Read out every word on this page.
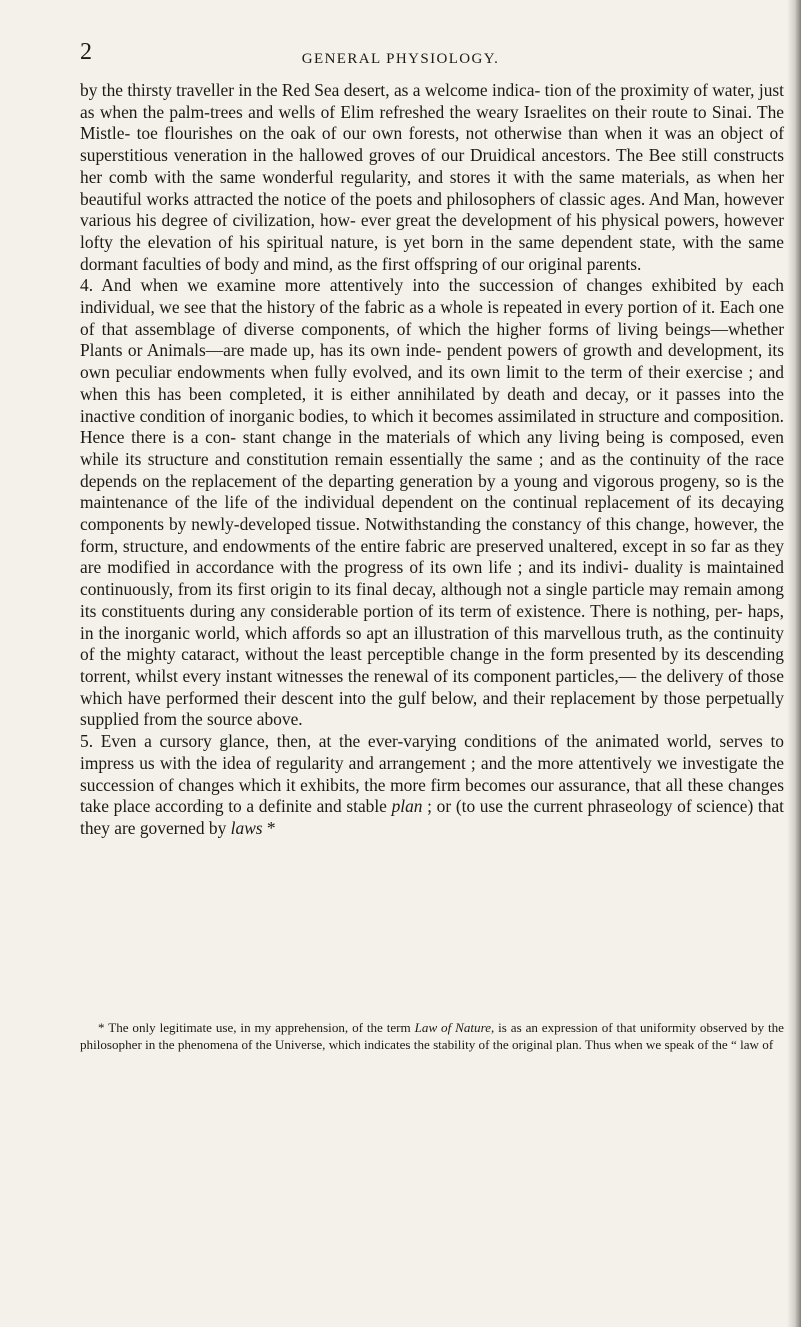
2	GENERAL PHYSIOLOGY.

by the thirsty traveller in the Red Sea desert, as a welcome indica- tion of the proximity of water, just as when the palm-trees and wells of Elim refreshed the weary Israelites on their route to Sinai. The Mistle- toe flourishes on the oak of our own forests, not otherwise than when it was an object of superstitious veneration in the hallowed groves of our Druidical ancestors. The Bee still constructs her comb with the same wonderful regularity, and stores it with the same materials, as when her beautiful works attracted the notice of the poets and philosophers of classic ages. And Man, however various his degree of civilization, how- ever great the development of his physical powers, however lofty the elevation of his spiritual nature, is yet born in the same dependent state, with the same dormant faculties of body and mind, as the first offspring of our original parents.

4. And when we examine more attentively into the succession of changes exhibited by each individual, we see that the history of the fabric as a whole is repeated in every portion of it. Each one of that assemblage of diverse components, of which the higher forms of living beings—whether Plants or Animals—are made up, has its own inde- pendent powers of growth and development, its own peculiar endowments when fully evolved, and its own limit to the term of their exercise ; and when this has been completed, it is either annihilated by death and decay, or it passes into the inactive condition of inorganic bodies, to which it becomes assimilated in structure and composition. Hence there is a con- stant change in the materials of which any living being is composed, even while its structure and constitution remain essentially the same ; and as the continuity of the race depends on the replacement of the departing generation by a young and vigorous progeny, so is the maintenance of the life of the individual dependent on the continual replacement of its decaying components by newly-developed tissue. Notwithstanding the constancy of this change, however, the form, structure, and endowments of the entire fabric are preserved unaltered, except in so far as they are modified in accordance with the progress of its own life ; and its indivi- duality is maintained continuously, from its first origin to its final decay, although not a single particle may remain among its constituents during any considerable portion of its term of existence. There is nothing, per- haps, in the inorganic world, which affords so apt an illustration of this marvellous truth, as the continuity of the mighty cataract, without the least perceptible change in the form presented by its descending torrent, whilst every instant witnesses the renewal of its component particles,— the delivery of those which have performed their descent into the gulf below, and their replacement by those perpetually supplied from the source above.

5. Even a cursory glance, then, at the ever-varying conditions of the animated world, serves to impress us with the idea of regularity and arrangement ; and the more attentively we investigate the succession of changes which it exhibits, the more firm becomes our assurance, that all these changes take place according to a definite and stable plan ; or (to use the current phraseology of science) that they are governed by laws *

* The only legitimate use, in my apprehension, of the term Law of Nature, is as an expression of that uniformity observed by the philosopher in the phenomena of the Universe, which indicates the stability of the original plan. Thus when we speak of the “ law of
